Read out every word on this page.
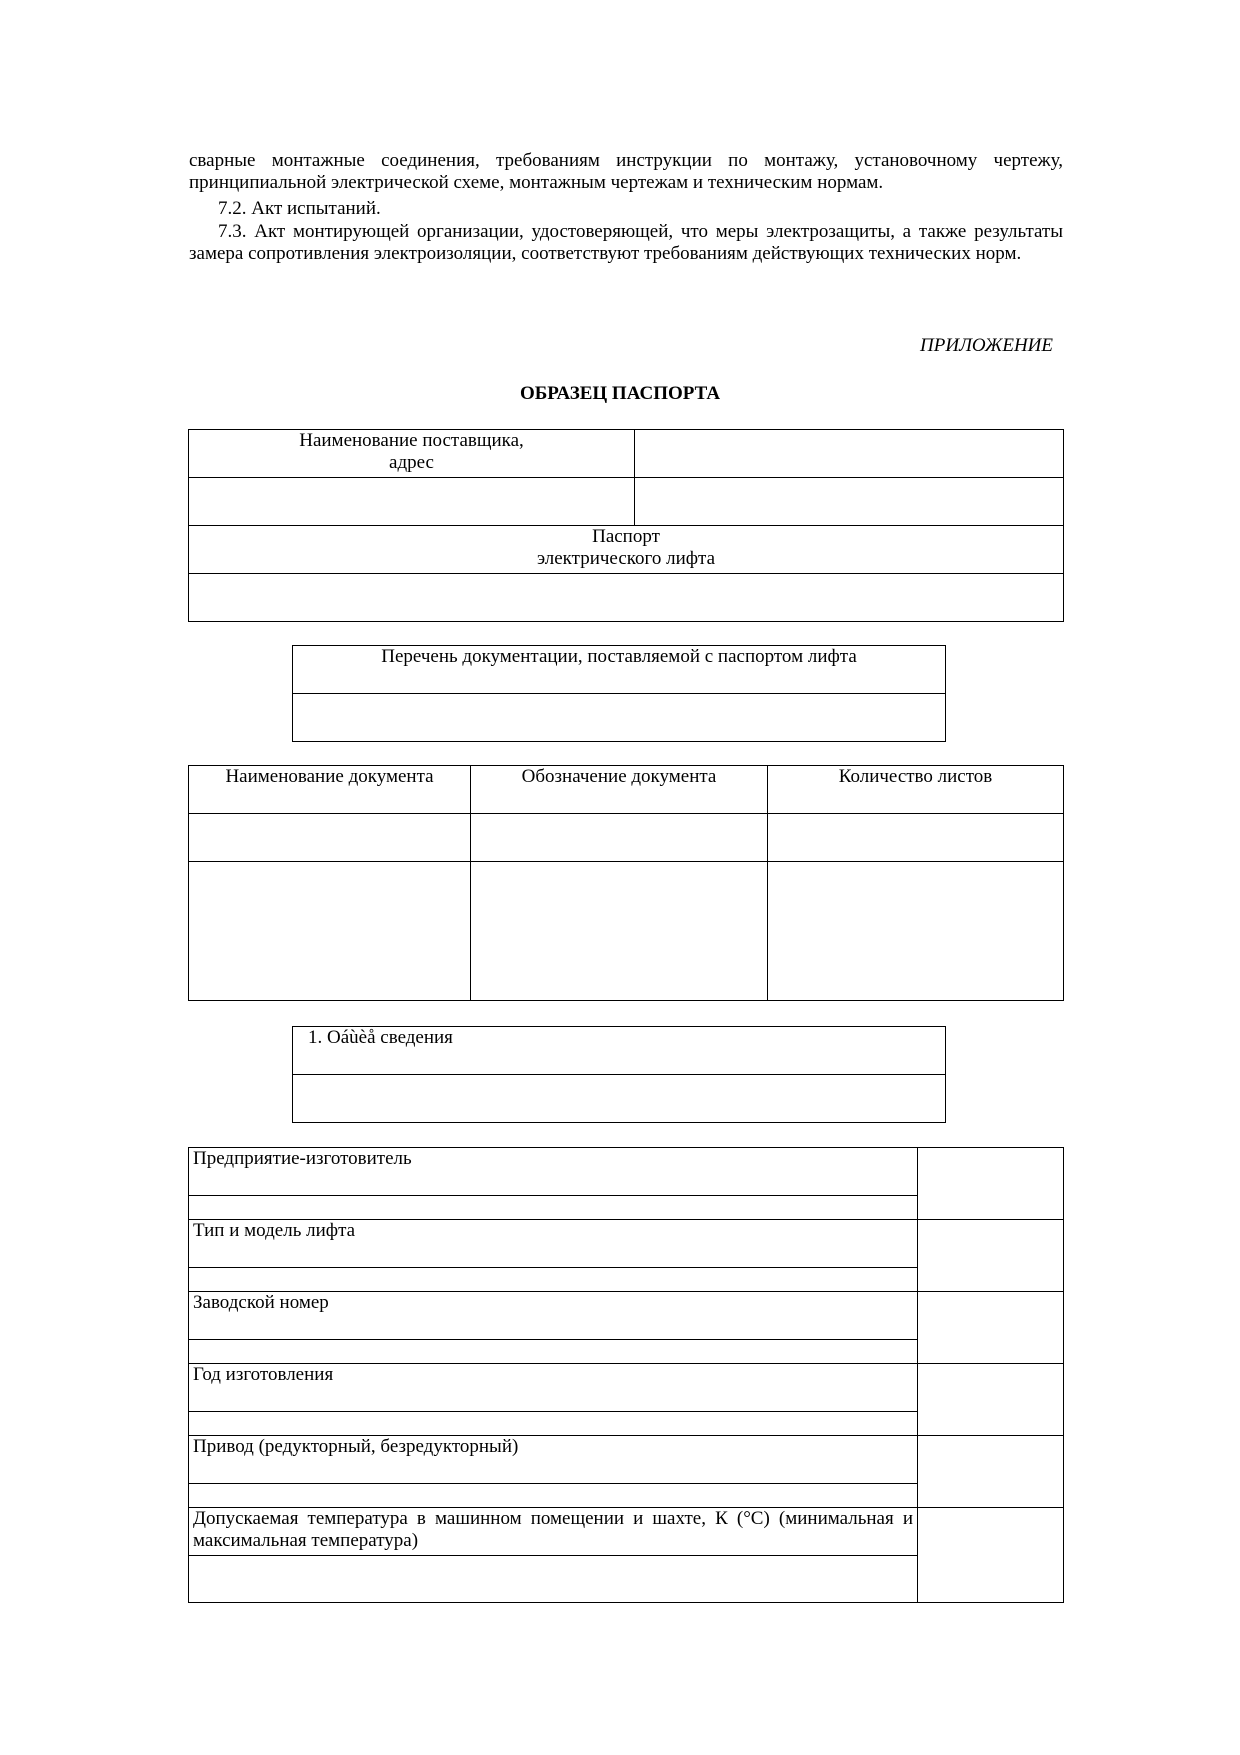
сварные монтажные соединения, требованиям инструкции по монтажу, установочному чертежу, принципиальной электрической схеме, монтажным чертежам и техническим нормам.

7.2. Акт испытаний.

7.3. Акт монтирующей организации, удостоверяющей, что меры электрозащиты, а также результаты замера сопротивления электроизоляции, соответствуют требованиям действующих технических норм.

ПРИЛОЖЕНИЕ
ОБРАЗЕЦ ПАСПОРТА
Наименование поставщика,
адрес	

Паспорт
электрического лифта	

Перечень документации, поставляемой с паспортом лифта

Наименование документа	Обозначение документа	Количество листов

1. Oáùèå сведения

Предприятие-изготовитель	

Тип и модель лифта	

Заводской номер	

Год изготовления	

Привод (редукторный, безредукторный)	

Допускаемая температура в машинном помещении и шахте, К (°С) (минимальная и максимальная температура)	
